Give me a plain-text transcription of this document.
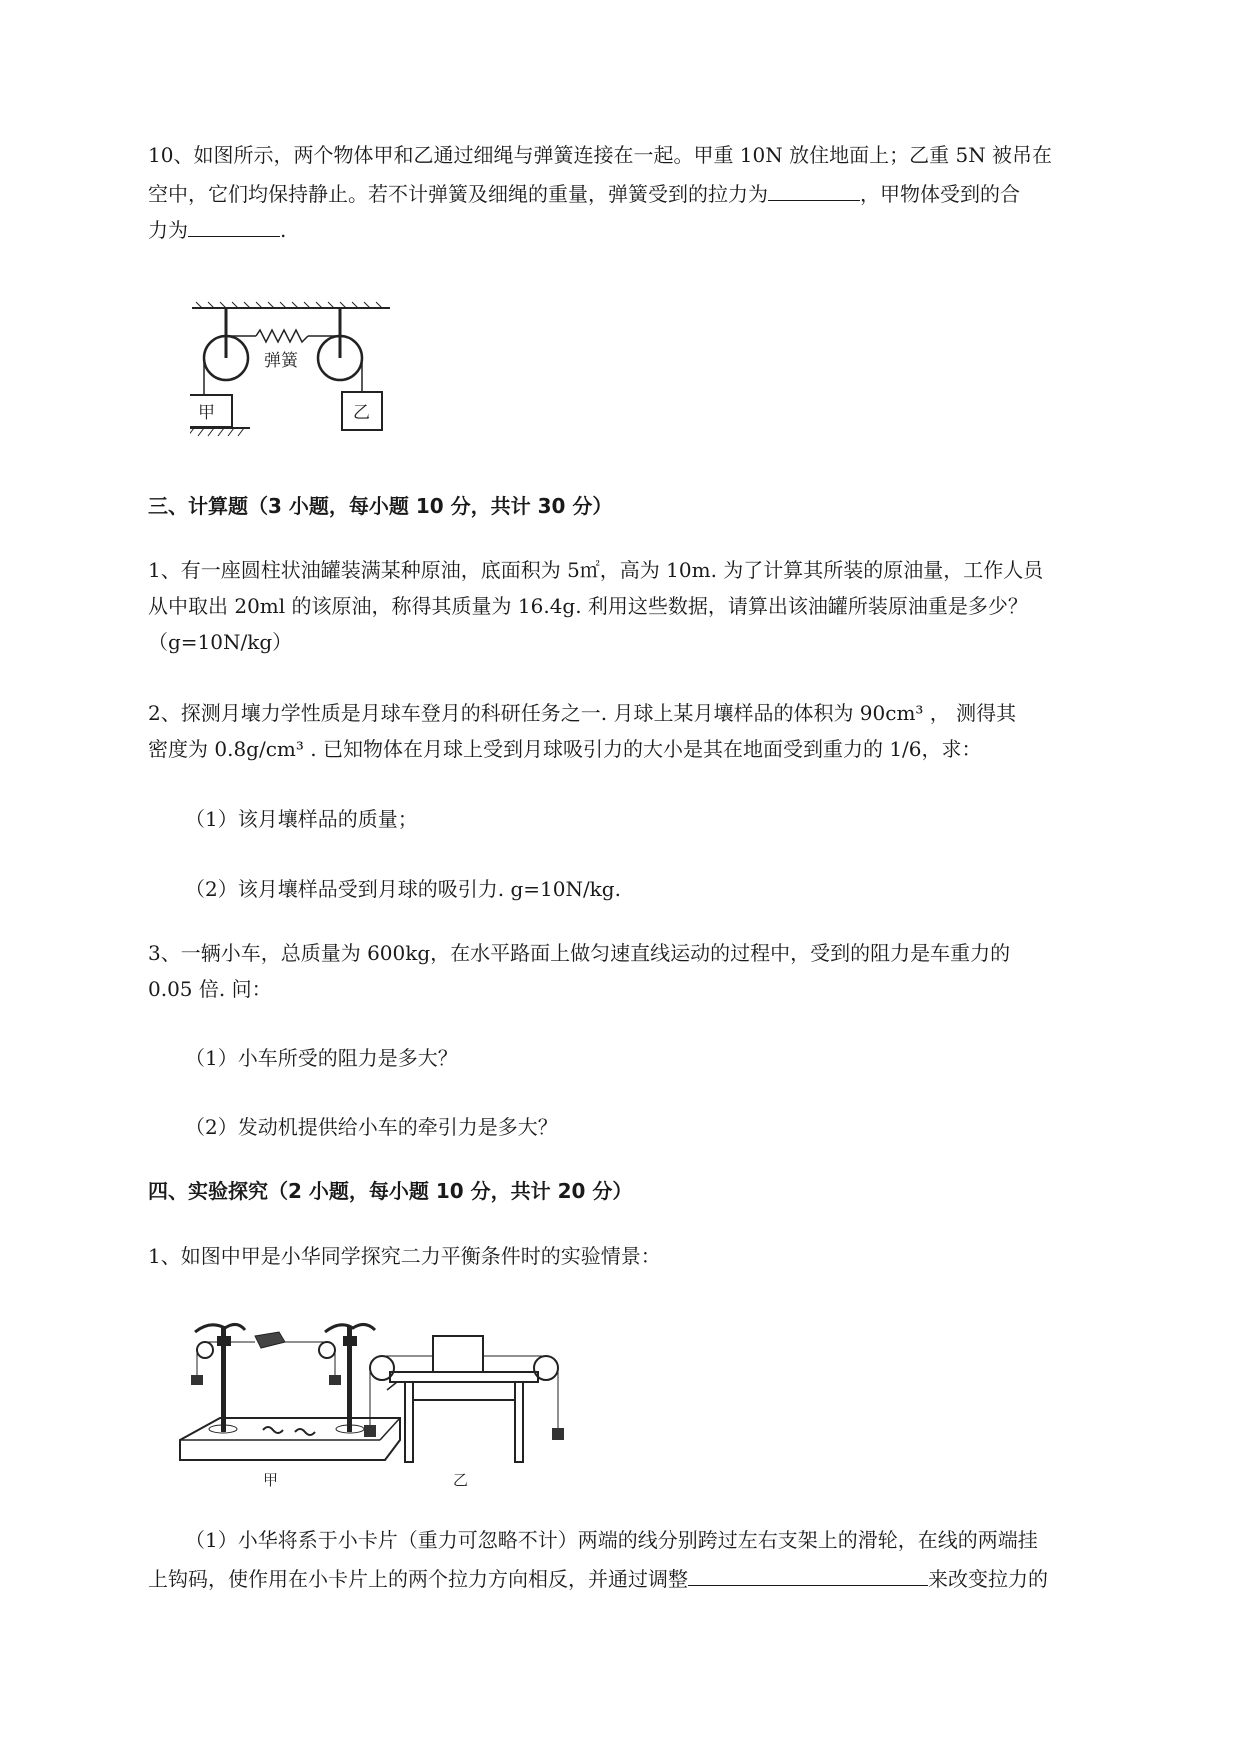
10、如图所示，两个物体甲和乙通过细绳与弹簧连接在一起。甲重 10N 放住地面上；乙重 5N 被吊在
空中，它们均保持静止。若不计弹簧及细绳的重量，弹簧受到的拉力为	，甲物体受到的合
力为	.
弹簧
甲	乙
三、计算题（3 小题，每小题 10 分，共计 30 分）
1、有一座圆柱状油罐装满某种原油，底面积为 5㎡，高为 10m. 为了计算其所装的原油量，工作人员
从中取出 20ml 的该原油，称得其质量为 16.4g. 利用这些数据，请算出该油罐所装原油重是多少？
（g=10N/kg）
2、探测月壤力学性质是月球车登月的科研任务之一. 月球上某月壤样品的体积为 90cm³ ， 测得其
密度为 0.8g/cm³ . 已知物体在月球上受到月球吸引力的大小是其在地面受到重力的 1/6，求：
（1）该月壤样品的质量；
（2）该月壤样品受到月球的吸引力. g=10N/kg.
3、一辆小车，总质量为 600kg，在水平路面上做匀速直线运动的过程中，受到的阻力是车重力的
0.05 倍. 问：
（1）小车所受的阻力是多大？
（2）发动机提供给小车的牵引力是多大？
四、实验探究（2 小题，每小题 10 分，共计 20 分）
1、如图中甲是小华同学探究二力平衡条件时的实验情景：
甲	乙
（1）小华将系于小卡片（重力可忽略不计）两端的线分别跨过左右支架上的滑轮，在线的两端挂
上钩码，使作用在小卡片上的两个拉力方向相反，并通过调整	来改变拉力的
